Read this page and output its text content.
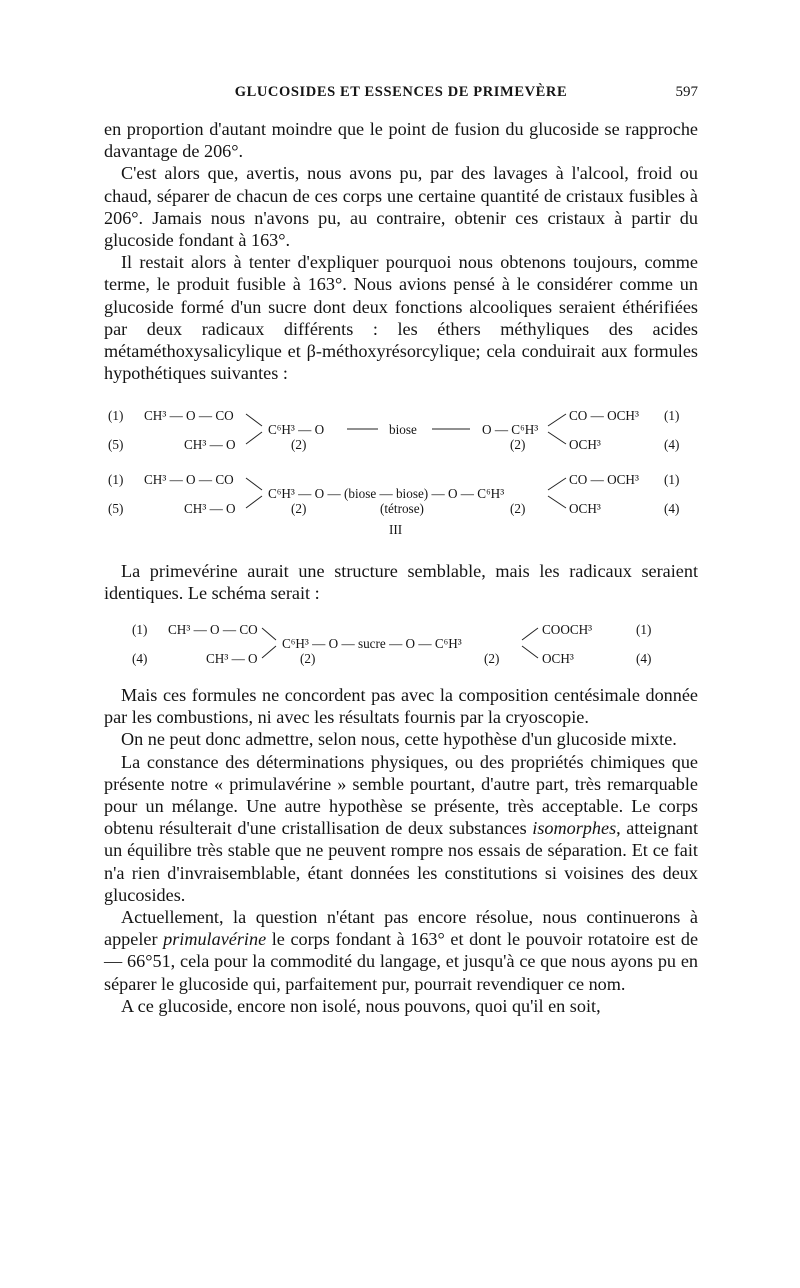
GLUCOSIDES ET ESSENCES DE PRIMEVÈRE	597

en proportion d'autant moindre que le point de fusion du glucoside se rapproche davantage de 206°.

C'est alors que, avertis, nous avons pu, par des lavages à l'alcool, froid ou chaud, séparer de chacun de ces corps une certaine quantité de cristaux fusibles à 206°. Jamais nous n'avons pu, au contraire, obtenir ces cristaux à partir du glucoside fondant à 163°.

Il restait alors à tenter d'expliquer pourquoi nous obtenons toujours, comme terme, le produit fusible à 163°. Nous avions pensé à le considérer comme un glucoside formé d'un sucre dont deux fonctions alcooliques seraient éthérifiées par deux radicaux différents : les éthers méthyliques des acides métaméthoxysalicylique et β-méthoxyrésorcylique; cela conduirait aux formules hypothétiques suivantes :

(1) CH³ — O — CO
(5)	CH³ — O
C⁶H³ — O
(2)
biose	O — C⁶H³
(2)
CO — OCH³ (1)
OCH³	(4)
(1) CH³ — O — CO
(5)	CH³ — O
C⁶H³ — O — (biose — biose) — O — C⁶H³
(2)	(tétrose)	(2)
CO — OCH³ (1)
OCH³	(4)
III

La primevérine aurait une structure semblable, mais les radicaux seraient identiques. Le schéma serait :

(1) CH³ — O — CO
(4)	CH³ — O
C⁶H³ — O — sucre — O — C⁶H³
(2)	(2)
COOCH³	(1)
OCH³	(4)

Mais ces formules ne concordent pas avec la composition centésimale donnée par les combustions, ni avec les résultats fournis par la cryoscopie.

On ne peut donc admettre, selon nous, cette hypothèse d'un glucoside mixte.

La constance des déterminations physiques, ou des propriétés chimiques que présente notre « primulavérine » semble pourtant, d'autre part, très remarquable pour un mélange. Une autre hypothèse se présente, très acceptable. Le corps obtenu résulterait d'une cristallisation de deux substances isomorphes, atteignant un équilibre très stable que ne peuvent rompre nos essais de séparation. Et ce fait n'a rien d'invraisemblable, étant données les constitutions si voisines des deux glucosides.

Actuellement, la question n'étant pas encore résolue, nous continuerons à appeler primulavérine le corps fondant à 163° et dont le pouvoir rotatoire est de — 66°51, cela pour la commodité du langage, et jusqu'à ce que nous ayons pu en séparer le glucoside qui, parfaitement pur, pourrait revendiquer ce nom.

A ce glucoside, encore non isolé, nous pouvons, quoi qu'il en soit,
